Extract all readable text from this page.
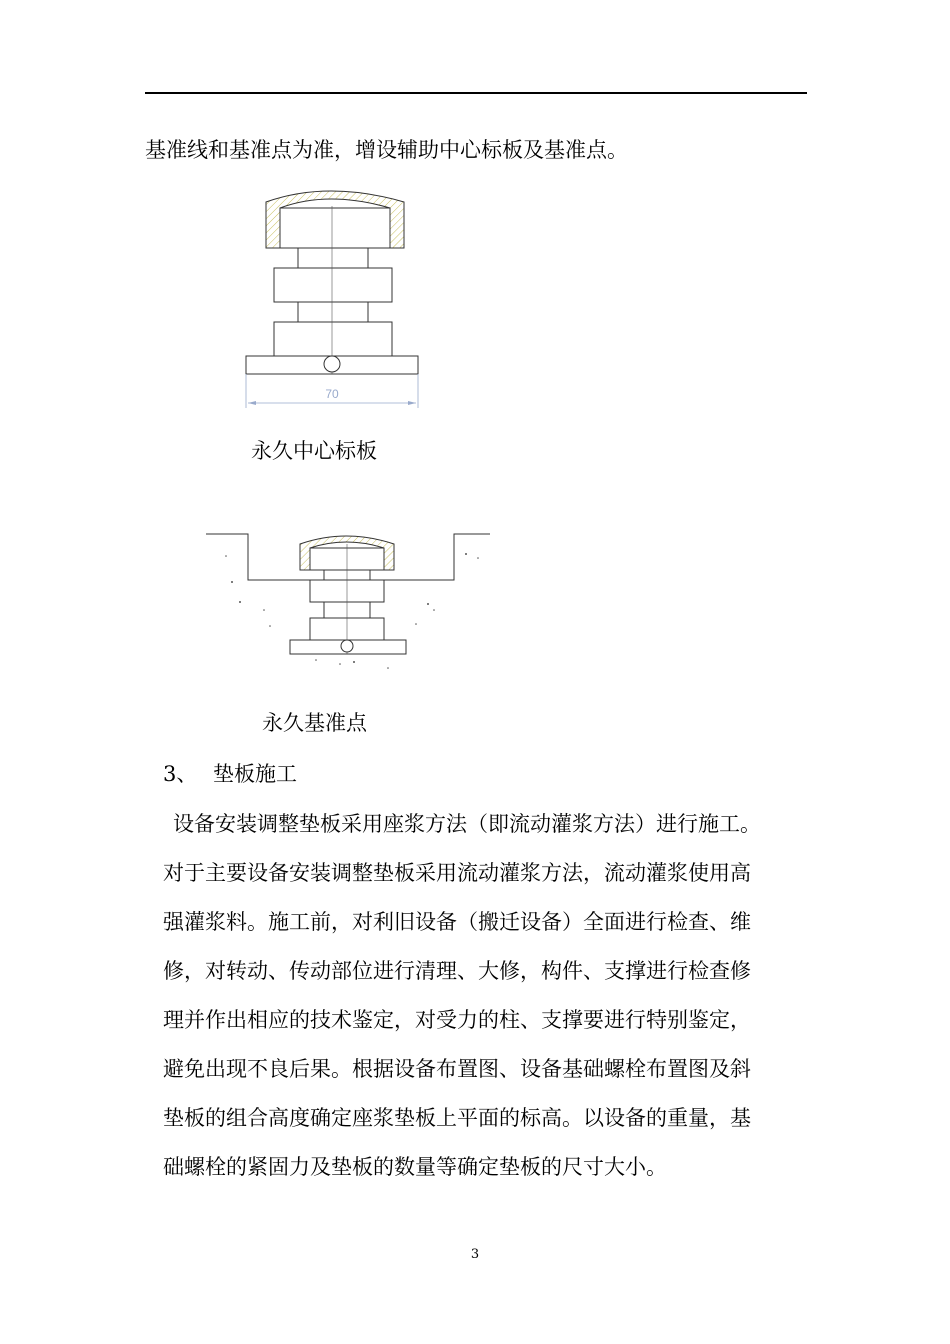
基准线和基准点为准，增设辅助中心标板及基准点。
70
永久中心标板
永久基准点
3、 垫板施工
设备安装调整垫板采用座浆方法（即流动灌浆方法）进行施工。
对于主要设备安装调整垫板采用流动灌浆方法，流动灌浆使用高
强灌浆料。施工前，对利旧设备（搬迁设备）全面进行检查、维
修，对转动、传动部位进行清理、大修，构件、支撑进行检查修
理并作出相应的技术鉴定，对受力的柱、支撑要进行特别鉴定，
避免出现不良后果。根据设备布置图、设备基础螺栓布置图及斜
垫板的组合高度确定座浆垫板上平面的标高。以设备的重量，基
础螺栓的紧固力及垫板的数量等确定垫板的尺寸大小。
3
